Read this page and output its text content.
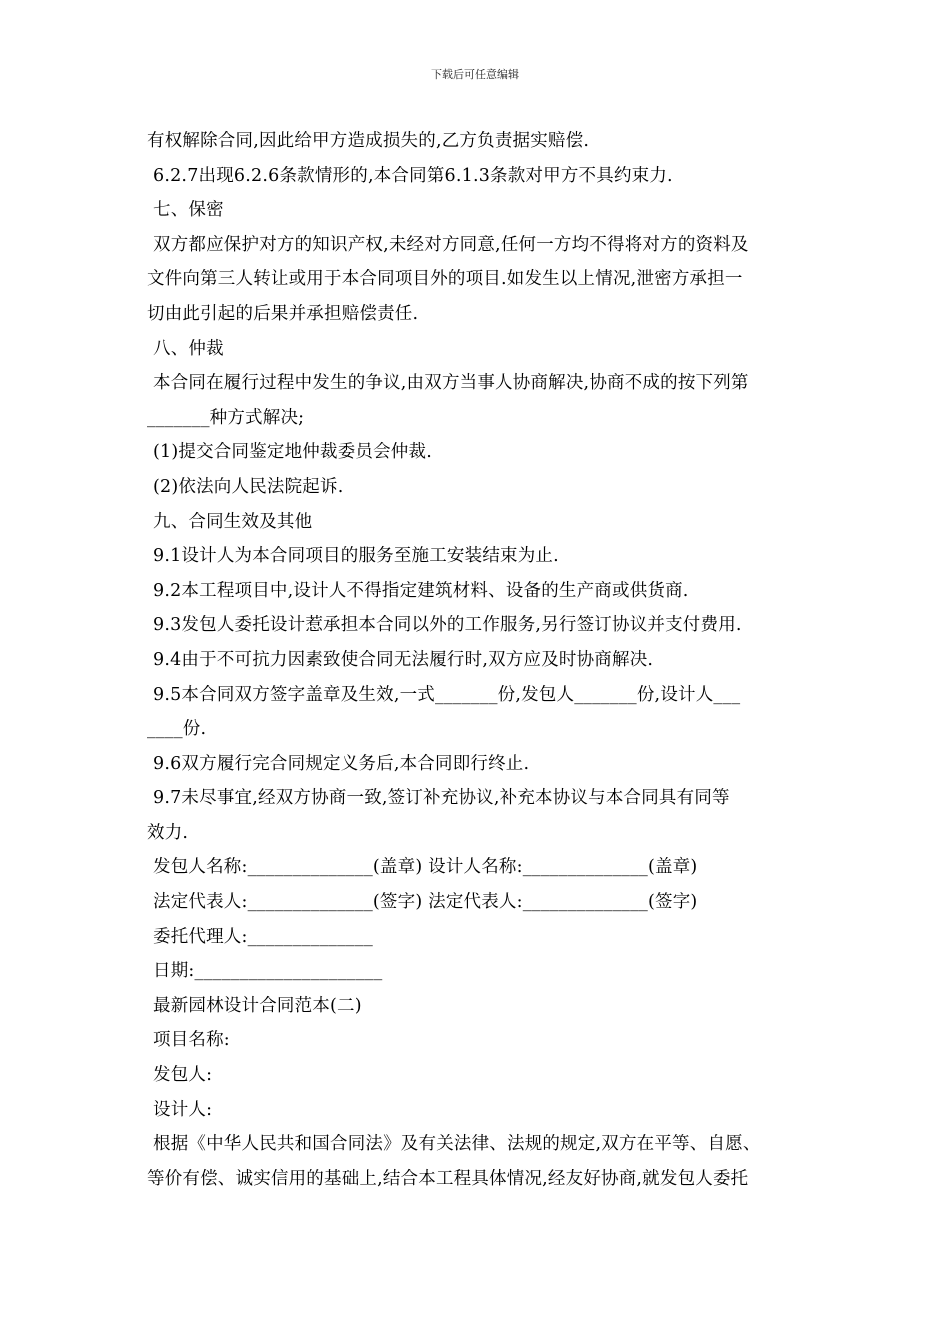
下载后可任意编辑
有权解除合同,因此给甲方造成损失的,乙方负责据实赔偿.
6.2.7出现6.2.6条款情形的,本合同第6.1.3条款对甲方不具约束力.
七、保密
双方都应保护对方的知识产权,未经对方同意,任何一方均不得将对方的资料及
文件向第三人转让或用于本合同项目外的项目.如发生以上情况,泄密方承担一
切由此引起的后果并承担赔偿责任.
八、仲裁
本合同在履行过程中发生的争议,由双方当事人协商解决,协商不成的按下列第
_______种方式解决;
(1)提交合同鉴定地仲裁委员会仲裁.
(2)依法向人民法院起诉.
九、合同生效及其他
9.1设计人为本合同项目的服务至施工安装结束为止.
9.2本工程项目中,设计人不得指定建筑材料、设备的生产商或供货商.
9.3发包人委托设计惹承担本合同以外的工作服务,另行签订协议并支付费用.
9.4由于不可抗力因素致使合同无法履行时,双方应及时协商解决.
9.5本合同双方签字盖章及生效,一式_______份,发包人_______份,设计人___
____份.
9.6双方履行完合同规定义务后,本合同即行终止.
9.7未尽事宜,经双方协商一致,签订补充协议,补充本协议与本合同具有同等
效力.
发包人名称:______________(盖章) 设计人名称:______________(盖章)
法定代表人:______________(签字) 法定代表人:______________(签字)
委托代理人:______________
日期:_____________________
最新园林设计合同范本(二)
项目名称:
发包人:
设计人:
根据《中华人民共和国合同法》及有关法律、法规的规定,双方在平等、自愿、
等价有偿、诚实信用的基础上,结合本工程具体情况,经友好协商,就发包人委托
